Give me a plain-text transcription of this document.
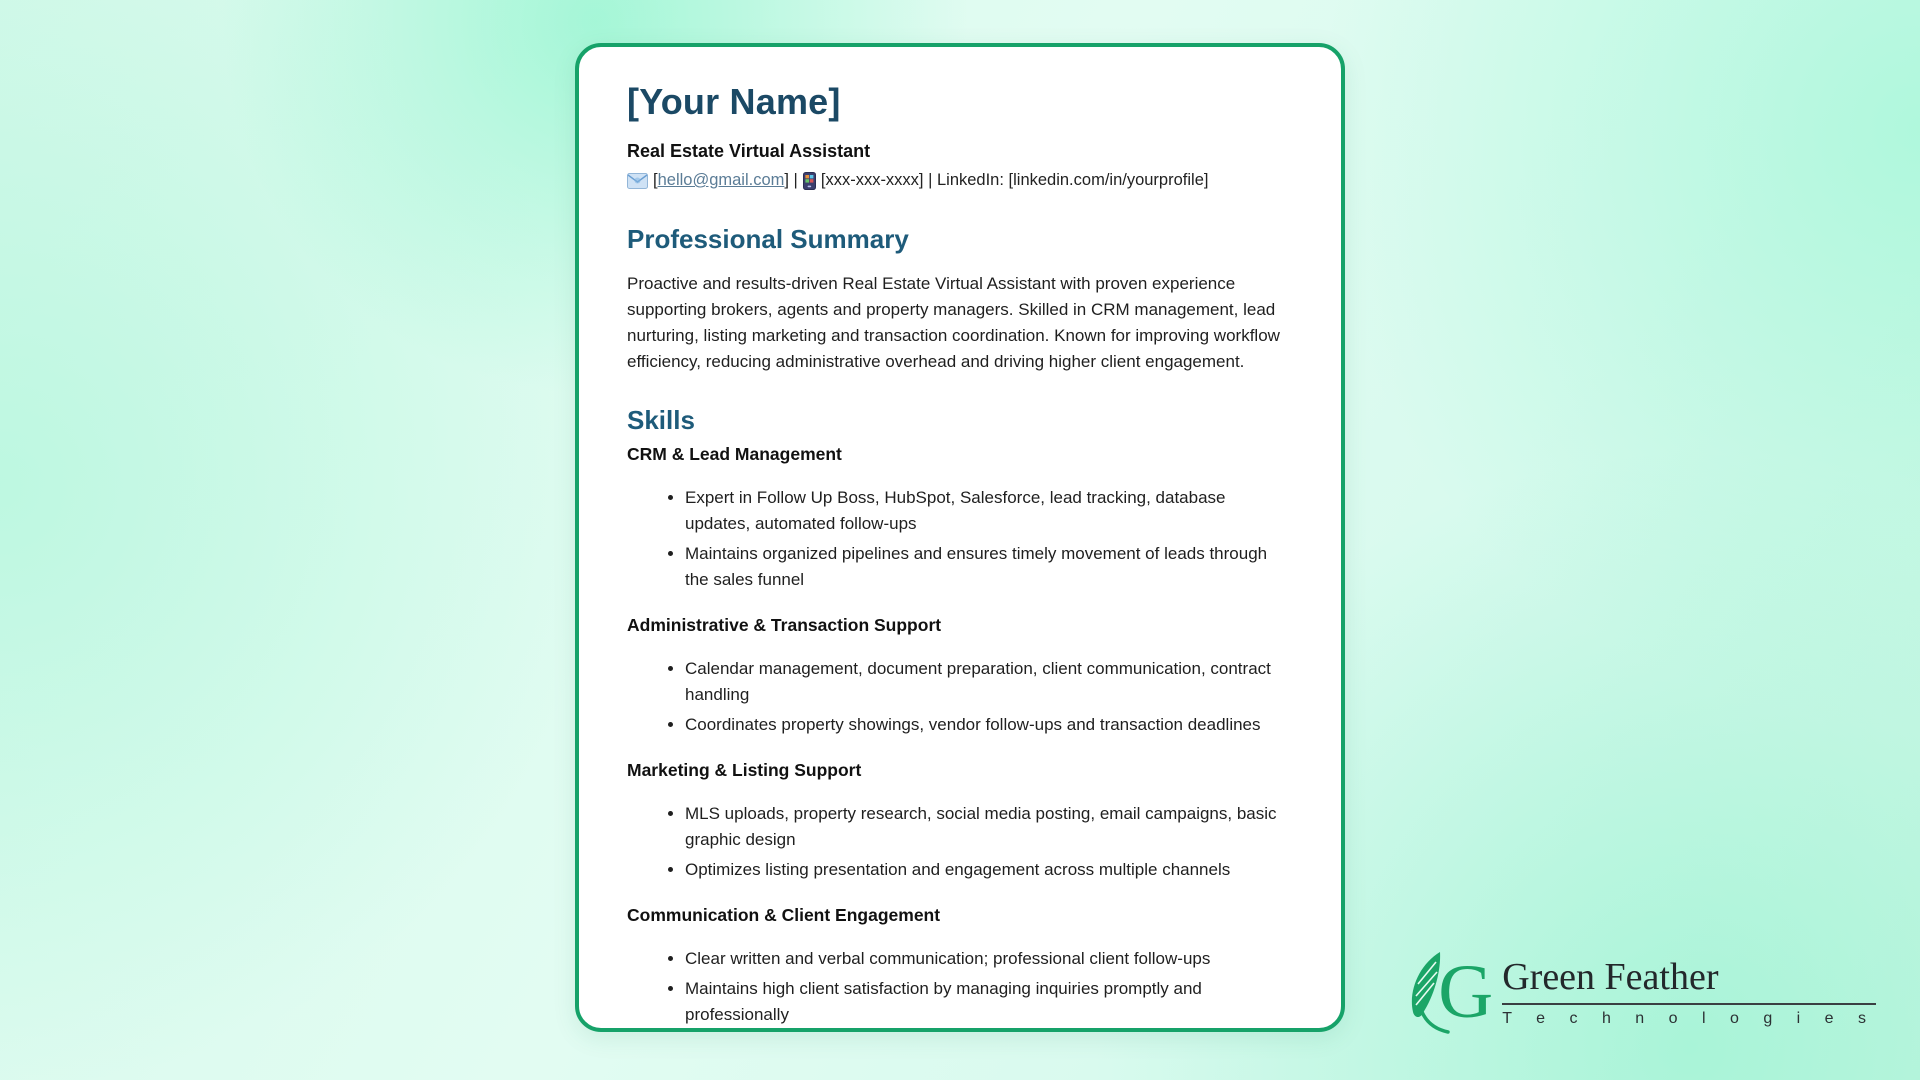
[Your Name]
Real Estate Virtual Assistant
[hello@gmail.com] | [xxx-xxx-xxxx] | LinkedIn: [linkedin.com/in/yourprofile]
Professional Summary
Proactive and results-driven Real Estate Virtual Assistant with proven experience supporting brokers, agents and property managers. Skilled in CRM management, lead nurturing, listing marketing and transaction coordination. Known for improving workflow efficiency, reducing administrative overhead and driving higher client engagement.
Skills
CRM & Lead Management
• Expert in Follow Up Boss, HubSpot, Salesforce, lead tracking, database updates, automated follow-ups
• Maintains organized pipelines and ensures timely movement of leads through the sales funnel
Administrative & Transaction Support
• Calendar management, document preparation, client communication, contract handling
• Coordinates property showings, vendor follow-ups and transaction deadlines
Marketing & Listing Support
• MLS uploads, property research, social media posting, email campaigns, basic graphic design
• Optimizes listing presentation and engagement across multiple channels
Communication & Client Engagement
• Clear written and verbal communication; professional client follow-ups
• Maintains high client satisfaction by managing inquiries promptly and professionally	G Green Feather
T e c h n o l o g i e s
